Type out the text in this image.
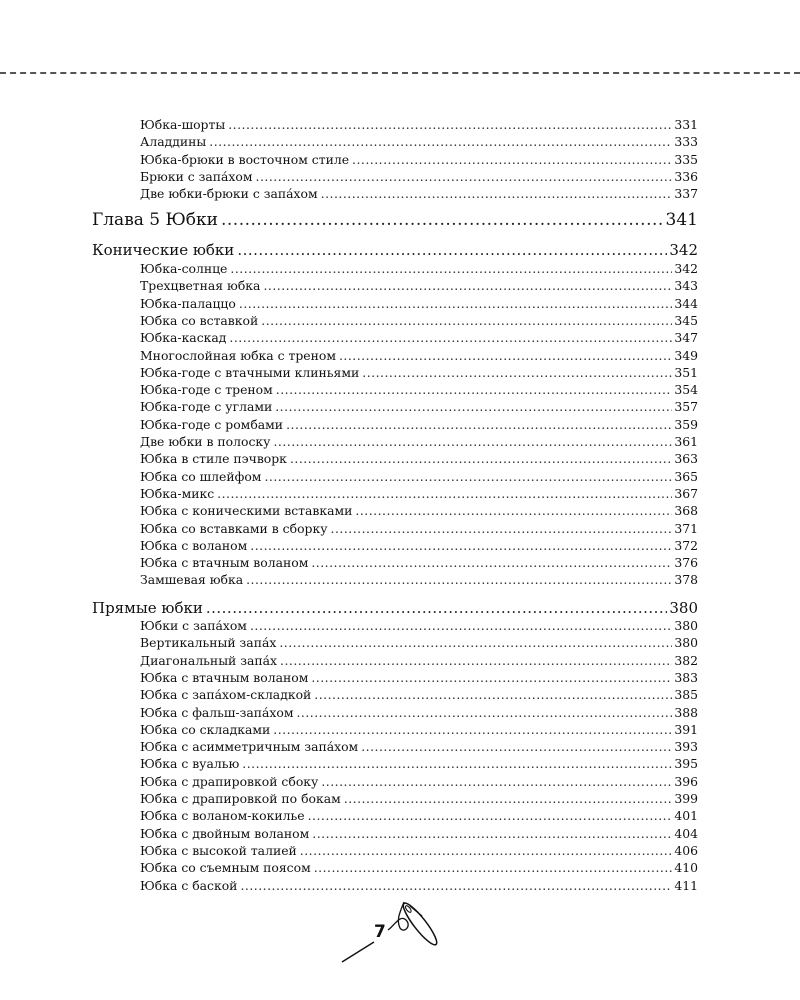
Юбка-шорты .....	331
Аладдины .....	333
Юбка-брюки в восточном стиле .....	335
Брюки с запа́хом .....	336
Две юбки-брюки с запа́хом .....	337
Глава 5 Юбки .....	341
Конические юбки .....	342
Юбка-солнце .....	342
Трехцветная юбка .....	343
Юбка-палаццо .....	344
Юбка со вставкой .....	345
Юбка-каскад .....	347
Многослойная юбка с треном .....	349
Юбка-годе с втачными клиньями .....	351
Юбка-годе с треном .....	354
Юбка-годе с углами .....	357
Юбка-годе с ромбами .....	359
Две юбки в полоску .....	361
Юбка в стиле пэчворк .....	363
Юбка со шлейфом .....	365
Юбка-микс .....	367
Юбка с коническими вставками .....	368
Юбка со вставками в сборку .....	371
Юбка с воланом .....	372
Юбка с втачным воланом .....	376
Замшевая юбка .....	378
Прямые юбки .....	380
Юбки с запа́хом .....	380
Вертикальный запа́х .....	380
Диагональный запа́х .....	382
Юбка с втачным воланом .....	383
Юбка с запа́хом-складкой .....	385
Юбка с фальш-запа́хом .....	388
Юбка со складками .....	391
Юбка с асимметричным запа́хом .....	393
Юбка с вуалью .....	395
Юбка с драпировкой сбоку .....	396
Юбка с драпировкой по бокам .....	399
Юбка с воланом-кокилье .....	401
Юбка с двойным воланом .....	404
Юбка с высокой талией .....	406
Юбка со съемным поясом .....	410
Юбка с баской .....	411
7
